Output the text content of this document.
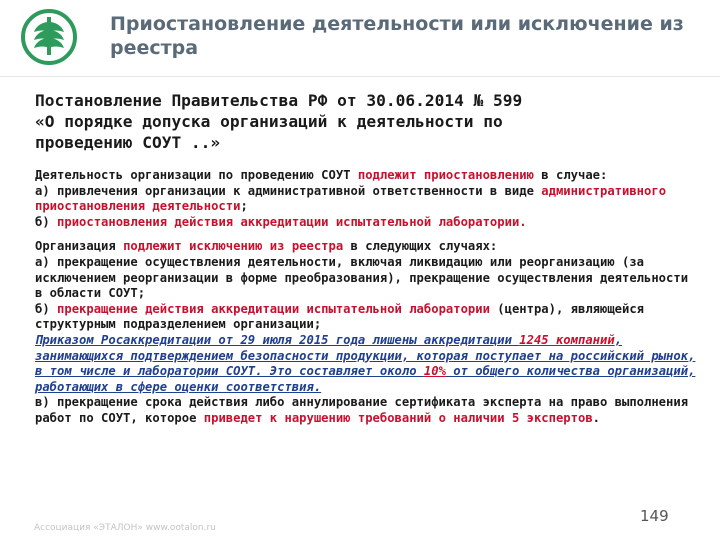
Приостановление деятельности или исключение из реестра
Постановление Правительства РФ от 30.06.2014 № 599
«О порядке допуска организаций к деятельности по
проведению СОУТ ..»

Деятельность организации по проведению СОУТ подлежит приостановлению в случае:
а) привлечения организации к административной ответственности в виде административного приостановления деятельности;
б) приостановления действия аккредитации испытательной лаборатории.

Организация подлежит исключению из реестра в следующих случаях:
а) прекращение осуществления деятельности, включая ликвидацию или реорганизацию (за исключением реорганизации в форме преобразования), прекращение осуществления деятельности в области СОУТ;
б) прекращение действия аккредитации испытательной лаборатории (центра), являющейся структурным подразделением организации;
Приказом Росаккредитации от 29 июля 2015 года лишены аккредитации 1245 компаний, занимающихся подтверждением безопасности продукции, которая поступает на российский рынок, в том числе и лаборатории СОУТ. Это составляет около 10% от общего количества организаций, работающих в сфере оценки соответствия.
в) прекращение срока действия либо аннулирование сертификата эксперта на право выполнения работ по СОУТ, которое приведет к нарушению требований о наличии 5 экспертов.

Ассоциация «ЭТАЛОН» www.ootalon.ru
149
